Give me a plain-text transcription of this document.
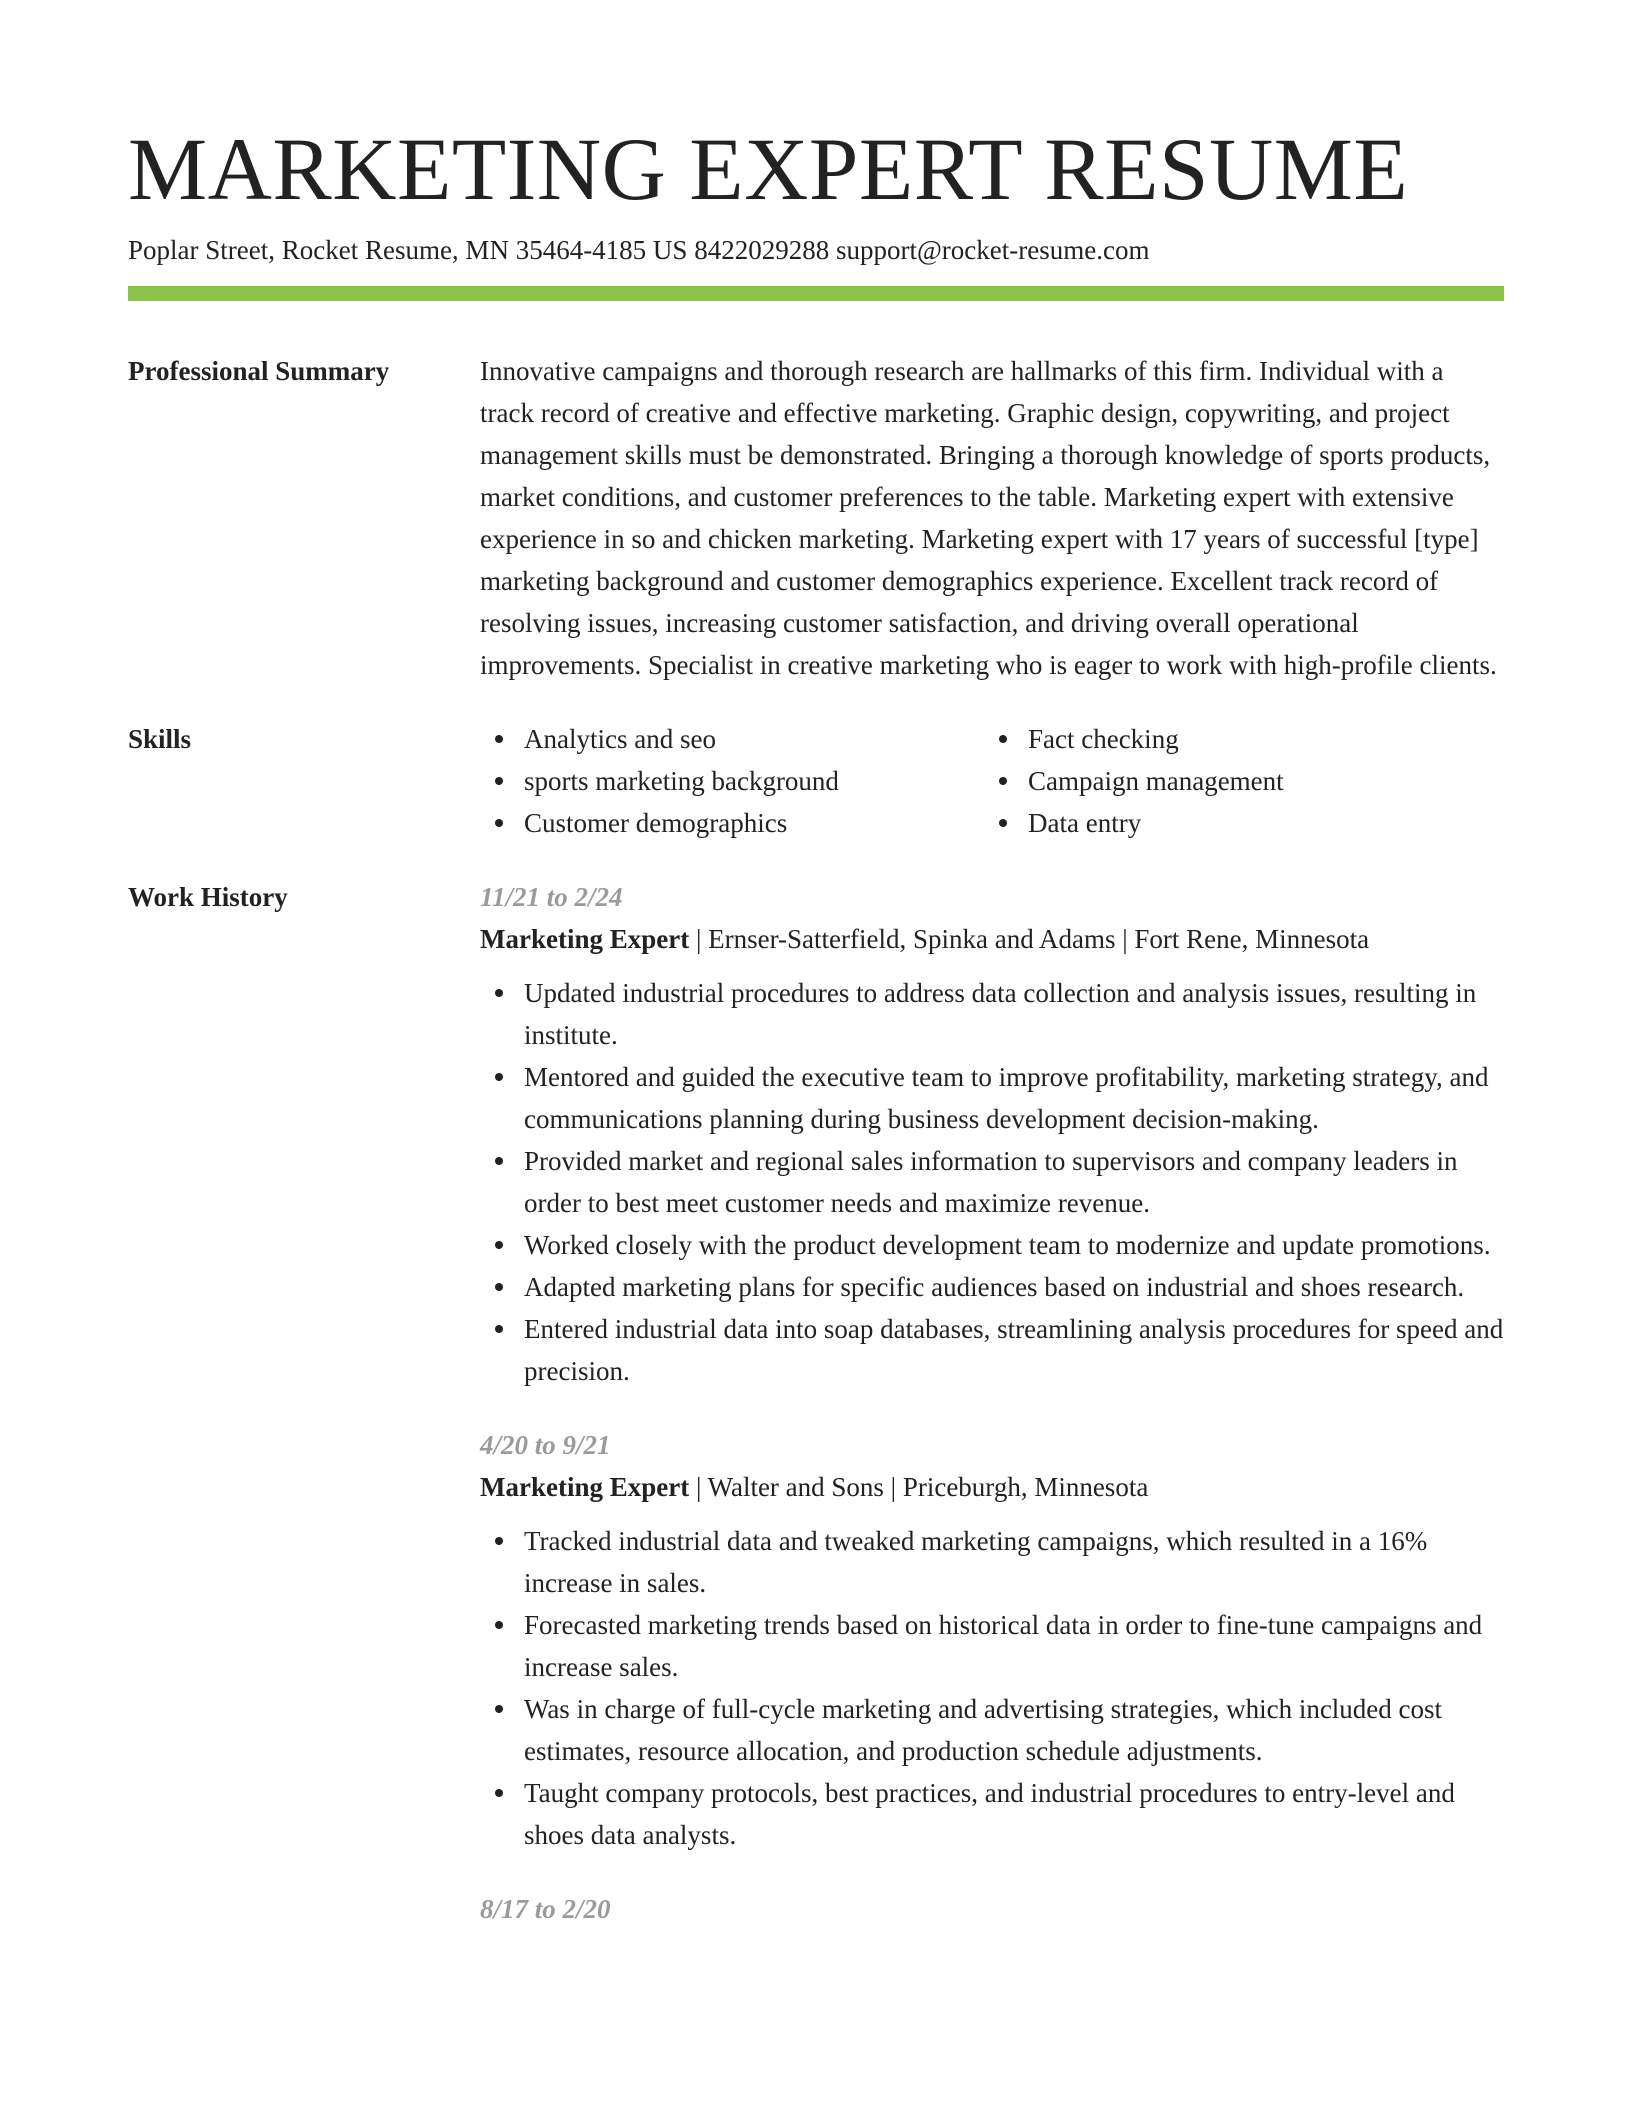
MARKETING EXPERT RESUME
Poplar Street, Rocket Resume, MN 35464-4185 US 8422029288 support@rocket-resume.com
Professional Summary	Innovative campaigns and thorough research are hallmarks of this firm. Individual with a track record of creative and effective marketing. Graphic design, copywriting, and project management skills must be demonstrated. Bringing a thorough knowledge of sports products, market conditions, and customer preferences to the table. Marketing expert with extensive experience in so and chicken marketing. Marketing expert with 17 years of successful [type] marketing background and customer demographics experience. Excellent track record of resolving issues, increasing customer satisfaction, and driving overall operational improvements. Specialist in creative marketing who is eager to work with high-profile clients.

Skills	Analytics and seo	Fact checking
sports marketing background	Campaign management
Customer demographics	Data entry
Work History	11/21 to 2/24
Marketing Expert | Ernser-Satterfield, Spinka and Adams | Fort Rene, Minnesota
Updated industrial procedures to address data collection and analysis issues, resulting in institute.
Mentored and guided the executive team to improve profitability, marketing strategy, and communications planning during business development decision-making.
Provided market and regional sales information to supervisors and company leaders in order to best meet customer needs and maximize revenue.
Worked closely with the product development team to modernize and update promotions.
Adapted marketing plans for specific audiences based on industrial and shoes research.
Entered industrial data into soap databases, streamlining analysis procedures for speed and precision.
4/20 to 9/21
Marketing Expert | Walter and Sons | Priceburgh, Minnesota
Tracked industrial data and tweaked marketing campaigns, which resulted in a 16% increase in sales.
Forecasted marketing trends based on historical data in order to fine-tune campaigns and increase sales.
Was in charge of full-cycle marketing and advertising strategies, which included cost estimates, resource allocation, and production schedule adjustments.
Taught company protocols, best practices, and industrial procedures to entry-level and shoes data analysts.
8/17 to 2/20
